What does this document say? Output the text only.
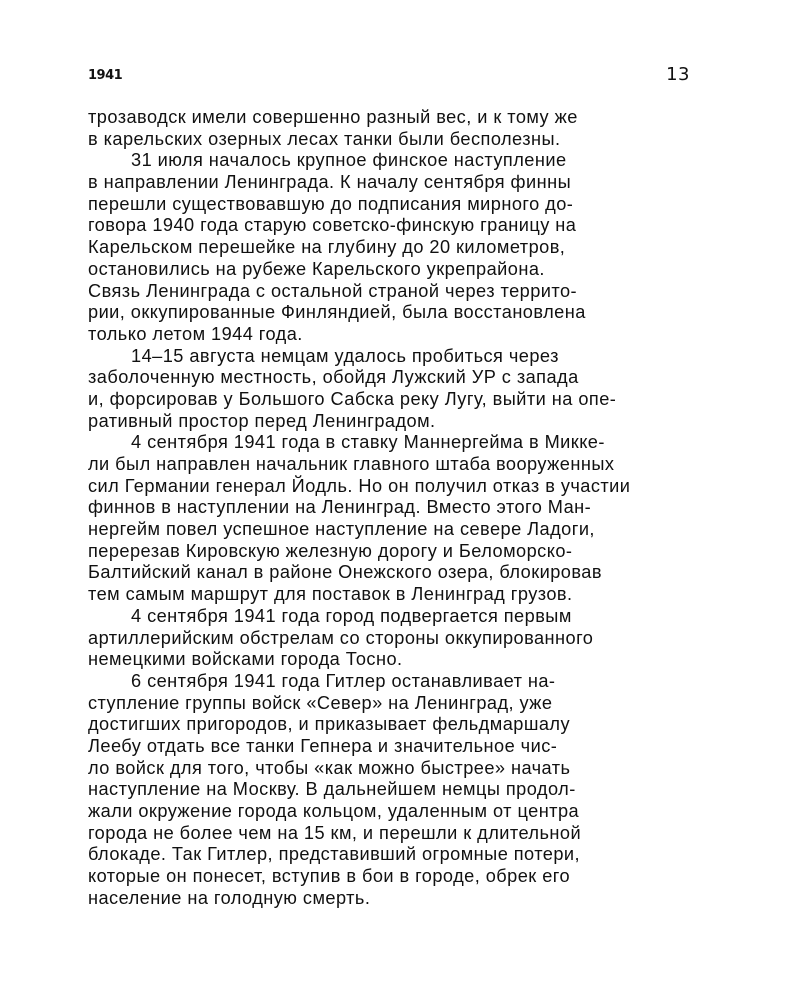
1941	13
трозаводск имели совершенно разный вес, и к тому же
в карельских озерных лесах танки были бесполезны.
31 июля началось крупное финское наступление
в направлении Ленинграда. К началу сентября финны
перешли существовавшую до подписания мирного до-
говора 1940 года старую советско-финскую границу на
Карельском перешейке на глубину до 20 километров,
остановились на рубеже Карельского укрепрайона.
Связь Ленинграда с остальной страной через террито-
рии, оккупированные Финляндией, была восстановлена
только летом 1944 года.
14–15 августа немцам удалось пробиться через
заболоченную местность, обойдя Лужский УР с запада
и, форсировав у Большого Сабска реку Лугу, выйти на опе-
ративный простор перед Ленинградом.
4 сентября 1941 года в ставку Маннергейма в Микке-
ли был направлен начальник главного штаба вооруженных
сил Германии генерал Йодль. Но он получил отказ в участии
финнов в наступлении на Ленинград. Вместо этого Ман-
нергейм повел успешное наступление на севере Ладоги,
перерезав Кировскую железную дорогу и Беломорско-
Балтийский канал в районе Онежского озера, блокировав
тем самым маршрут для поставок в Ленинград грузов.
4 сентября 1941 года город подвергается первым
артиллерийским обстрелам со стороны оккупированного
немецкими войсками города Тосно.
6 сентября 1941 года Гитлер останавливает на-
ступление группы войск «Север» на Ленинград, уже
достигших пригородов, и приказывает фельдмаршалу
Леебу отдать все танки Гепнера и значительное чис-
ло войск для того, чтобы «как можно быстрее» начать
наступление на Москву. В дальнейшем немцы продол-
жали окружение города кольцом, удаленным от центра
города не более чем на 15 км, и перешли к длительной
блокаде. Так Гитлер, представивший огромные потери,
которые он понесет, вступив в бои в городе, обрек его
население на голодную смерть.
